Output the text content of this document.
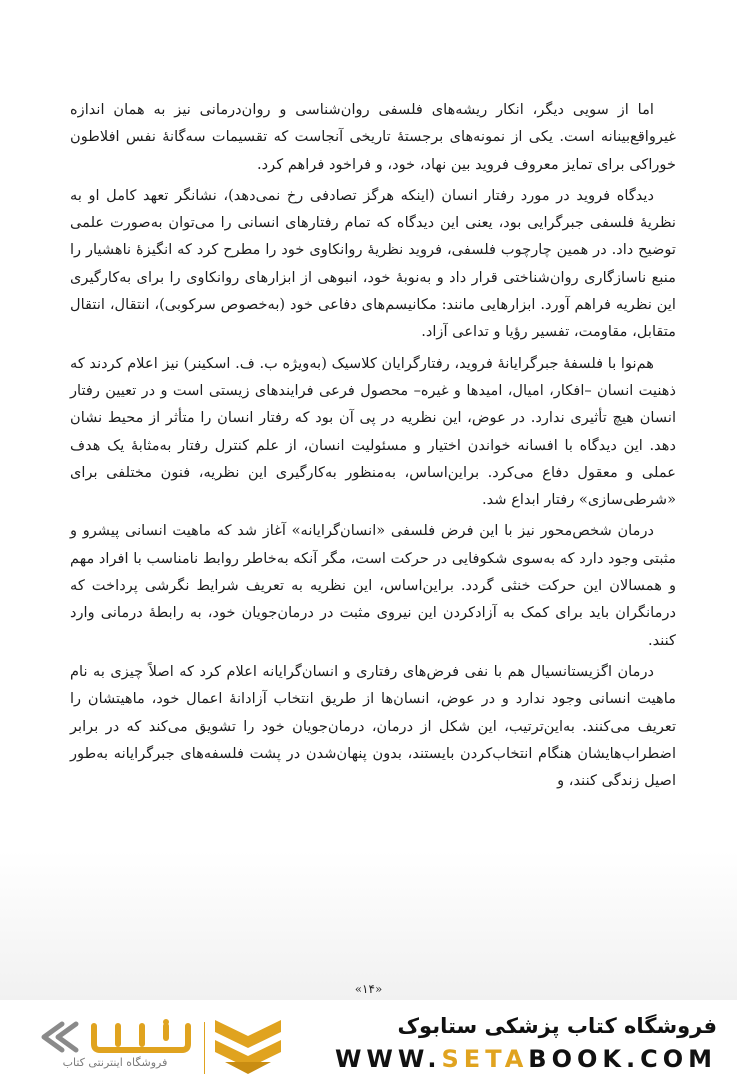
اما از سویی دیگر، انکار ریشه‌های فلسفی روان‌شناسی و روان‌درمانی نیز به همان اندازه غیرواقع‌بینانه است. یکی از نمونه‌های برجستهٔ تاریخی آنجاست که تقسیمات سه‌گانهٔ نفس افلاطون خوراکی برای تمایز معروف فروید بین نهاد، خود، و فراخود فراهم کرد.

دیدگاه فروید در مورد رفتار انسان (اینکه هرگز تصادفی رخ نمی‌دهد)، نشانگر تعهد کامل او به نظریهٔ فلسفی جبرگرایی بود، یعنی این دیدگاه که تمام رفتارهای انسانی را می‌توان به‌صورت علمی توضیح داد. در همین چارچوب فلسفی، فروید نظریهٔ روانکاوی خود را مطرح کرد که انگیزهٔ ناهشیار را منبع ناسازگاری روان‌شناختی قرار داد و به‌نوبهٔ خود، انبوهی از ابزارهای روانکاوی را برای به‌کارگیری این نظریه فراهم آورد. ابزارهایی مانند: مکانیسم‌های دفاعی خود (به‌خصوص سرکوبی)، انتقال، انتقال متقابل، مقاومت، تفسیر رؤیا و تداعی آزاد.

هم‌نوا با فلسفهٔ جبرگرایانهٔ فروید، رفتارگرایان کلاسیک (به‌ویژه ب. ف. اسکینر) نیز اعلام کردند که ذهنیت انسان –افکار، امیال، امیدها و غیره– محصول فرعی فرایندهای زیستی است و در تعیین رفتار انسان هیچ تأثیری ندارد. در عوض، این نظریه در پی آن بود که رفتار انسان را متأثر از محیط نشان دهد. این دیدگاه با افسانه خواندن اختیار و مسئولیت انسان، از علم کنترل رفتار به‌مثابهٔ یک هدف عملی و معقول دفاع می‌کرد. براین‌اساس، به‌منظور به‌کارگیری این نظریه، فنون مختلفی برای «شرطی‌سازی» رفتار ابداع شد.

درمان شخص‌محور نیز با این فرض فلسفی «انسان‌گرایانه» آغاز شد که ماهیت انسانی پیشرو و مثبتی وجود دارد که به‌سوی شکوفایی در حرکت است، مگر آنکه به‌خاطر روابط نامناسب با افراد مهم و همسالان این حرکت خنثی گردد. براین‌اساس، این نظریه به تعریف شرایط نگرشی پرداخت که درمانگران باید برای کمک به آزادکردن این نیروی مثبت در درمان‌جویان خود، به رابطهٔ درمانی وارد کنند.

درمان اگزیستانسیال هم با نفی فرض‌های رفتاری و انسان‌گرایانه اعلام کرد که اصلاً چیزی به نام ماهیت انسانی وجود ندارد و در عوض، انسان‌ها از طریق انتخاب آزادانهٔ اعمال خود، ماهیتشان را تعریف می‌کنند. به‌این‌ترتیب، این شکل از درمان، درمان‌جویان خود را تشویق می‌کند که در برابر اضطراب‌هایشان هنگام انتخاب‌کردن بایستند، بدون پنهان‌شدن در پشت فلسفه‌های جبرگرایانه به‌طور اصیل زندگی کنند، و

«۱۴»
فروشگاه اینترنتی کتاب
فروشگاه کتاب پزشکی ستابوک
WWW.SETABOOK.COM
